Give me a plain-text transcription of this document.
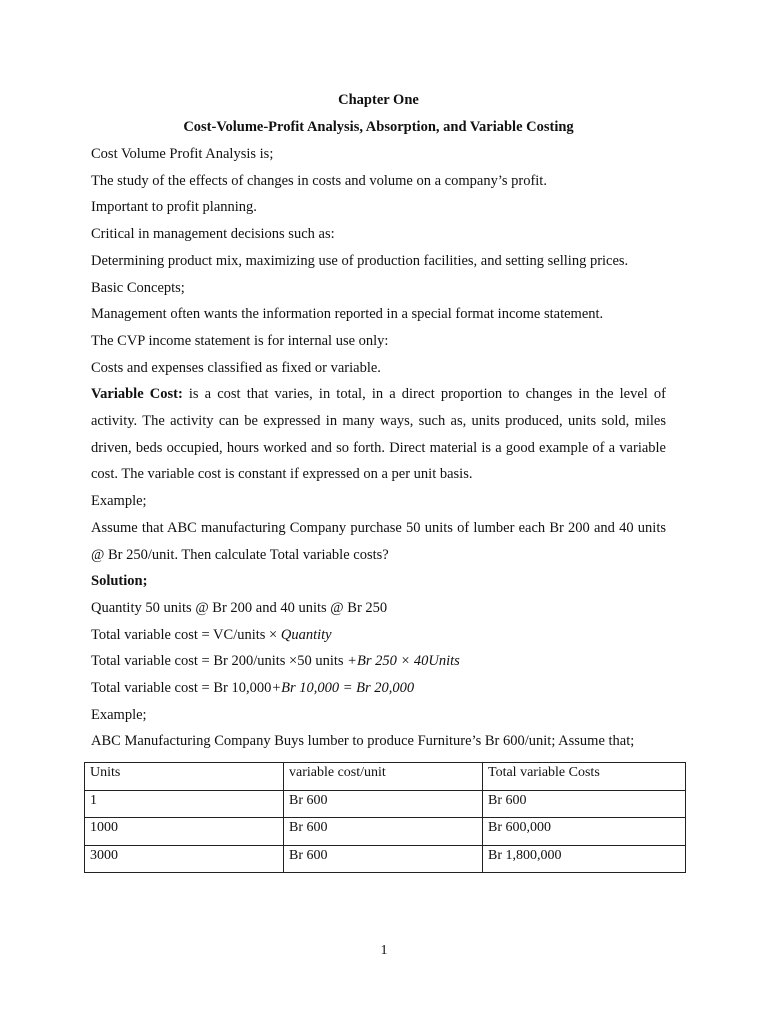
Chapter One
Cost-Volume-Profit Analysis, Absorption, and Variable Costing

Cost Volume Profit Analysis is;

The study of the effects of changes in costs and volume on a company’s profit.

Important to profit planning.

Critical in management decisions such as:

Determining product mix, maximizing use of production facilities, and setting selling prices.

Basic Concepts;

Management often wants the information reported in a special format income statement.

The CVP income statement is for internal use only:

Costs and expenses classified as fixed or variable.

Variable Cost: is a cost that varies, in total, in a direct proportion to changes in the level of activity. The activity can be expressed in many ways, such as, units produced, units sold, miles driven, beds occupied, hours worked and so forth. Direct material is a good example of a variable cost. The variable cost is constant if expressed on a per unit basis.

Example;

Assume that ABC manufacturing Company purchase 50 units of lumber each Br 200 and 40 units @ Br 250/unit. Then calculate Total variable costs?

Solution;

Quantity 50 units @ Br 200 and 40 units @ Br 250

Total variable cost = VC/units × Quantity

Total variable cost = Br 200/units ×50 units +Br 250 × 40Units

Total variable cost = Br 10,000+Br 10,000 = Br 20,000

Example;

ABC Manufacturing Company Buys lumber to produce Furniture’s Br 600/unit; Assume that;

Units	variable cost/unit	Total variable Costs
1	Br 600	Br 600
1000	Br 600	Br 600,000
3000	Br 600	Br 1,800,000
1
